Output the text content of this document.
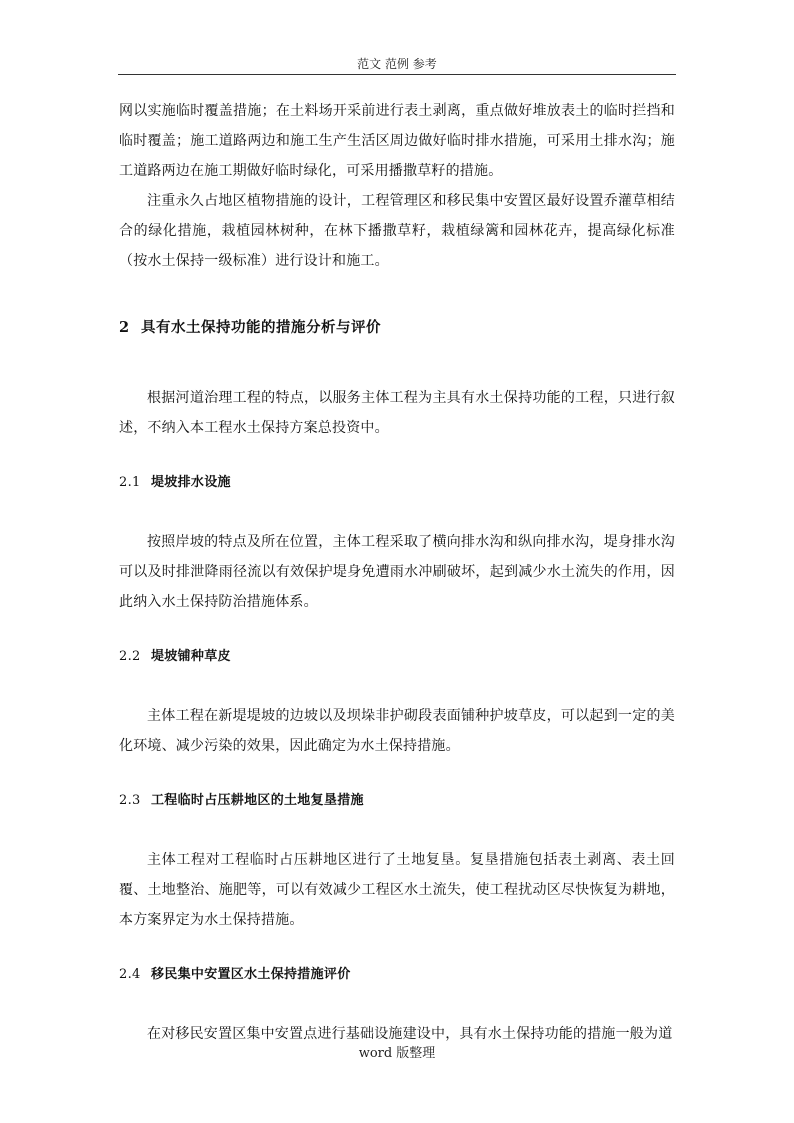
范文 范例 参考

网以实施临时覆盖措施；在土料场开采前进行表土剥离，重点做好堆放表土的临时拦挡和临时覆盖；施工道路两边和施工生产生活区周边做好临时排水措施，可采用土排水沟；施工道路两边在施工期做好临时绿化，可采用播撒草籽的措施。

注重永久占地区植物措施的设计，工程管理区和移民集中安置区最好设置乔灌草相结合的绿化措施，栽植园林树种，在林下播撒草籽，栽植绿篱和园林花卉，提高绿化标准（按水土保持一级标准）进行设计和施工。

2 具有水土保持功能的措施分析与评价

根据河道治理工程的特点，以服务主体工程为主具有水土保持功能的工程，只进行叙述，不纳入本工程水土保持方案总投资中。

2.1 堤坡排水设施

按照岸坡的特点及所在位置，主体工程采取了横向排水沟和纵向排水沟，堤身排水沟可以及时排泄降雨径流以有效保护堤身免遭雨水冲刷破坏，起到减少水土流失的作用，因此纳入水土保持防治措施体系。

2.2 堤坡铺种草皮

主体工程在新堤堤坡的边坡以及坝垛非护砌段表面铺种护坡草皮，可以起到一定的美化环境、减少污染的效果，因此确定为水土保持措施。

2.3 工程临时占压耕地区的土地复垦措施

主体工程对工程临时占压耕地区进行了土地复垦。复垦措施包括表土剥离、表土回覆、土地整治、施肥等，可以有效减少工程区水土流失，使工程扰动区尽快恢复为耕地，本方案界定为水土保持措施。

2.4 移民集中安置区水土保持措施评价

在对移民安置区集中安置点进行基础设施建设中，具有水土保持功能的措施一般为道

word 版整理
